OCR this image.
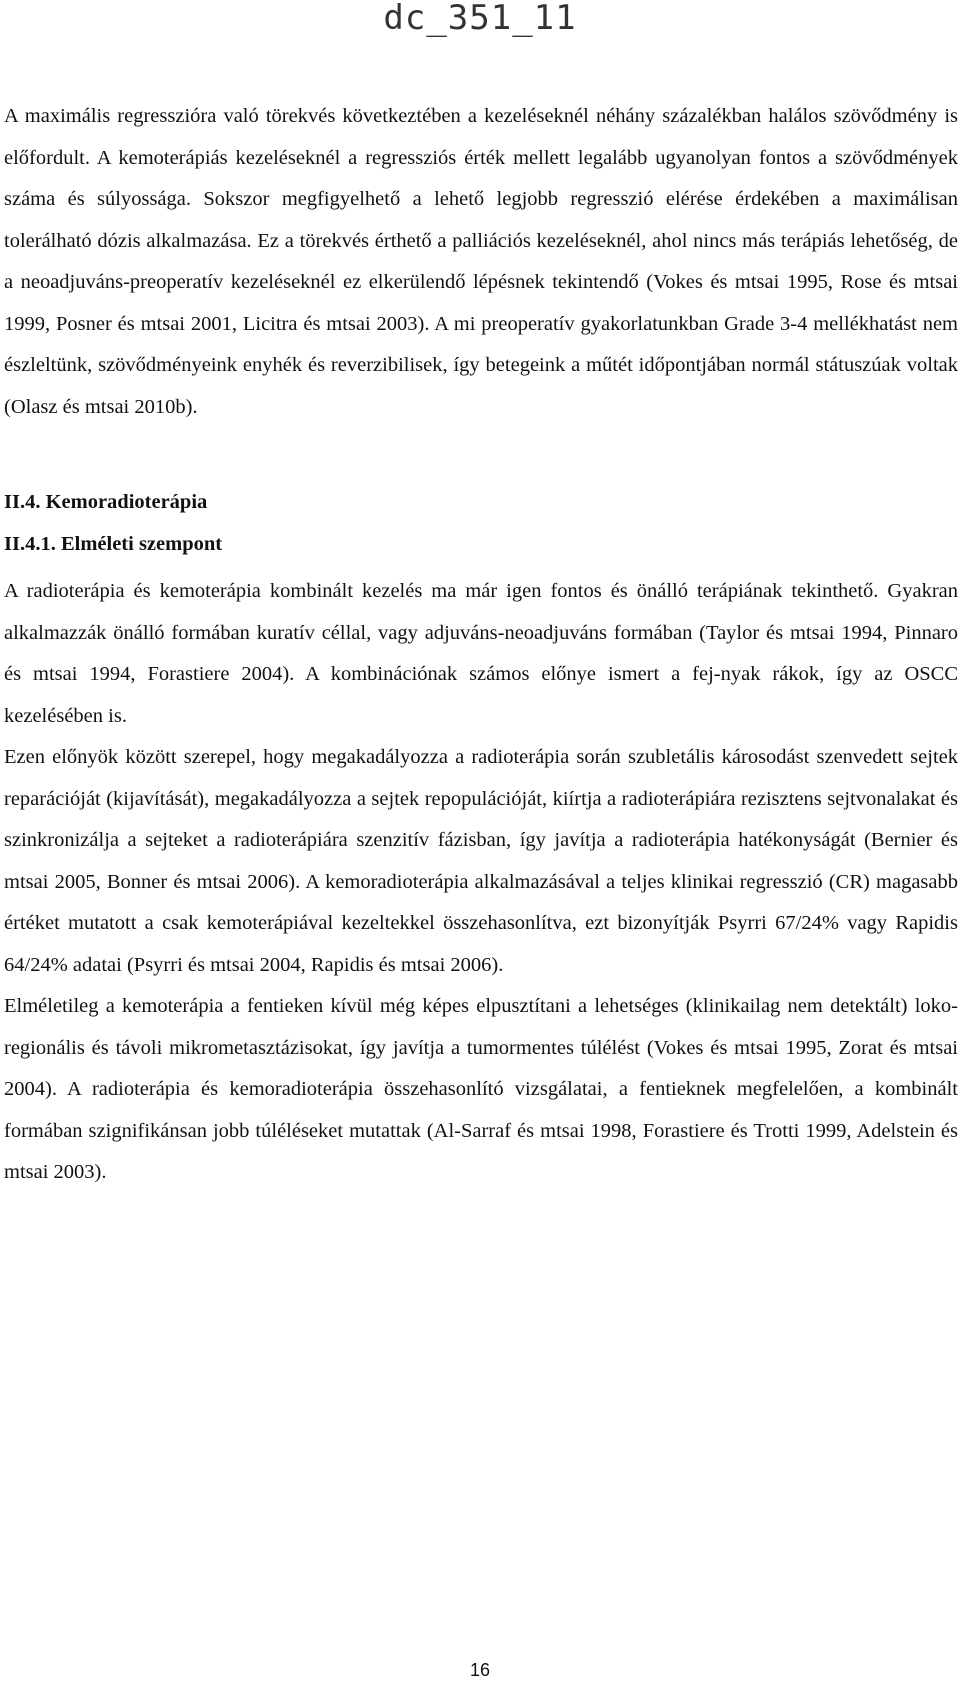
dc_351_11

A maximális regresszióra való törekvés következtében a kezeléseknél néhány százalékban halálos szövődmény is előfordult. A kemoterápiás kezeléseknél a regressziós érték mellett legalább ugyanolyan fontos a szövődmények száma és súlyossága. Sokszor megfigyelhető a lehető legjobb regresszió elérése érdekében a maximálisan tolerálható dózis alkalmazása. Ez a törekvés érthető a palliációs kezeléseknél, ahol nincs más terápiás lehetőség, de a neoadjuváns-preoperatív kezeléseknél ez elkerülendő lépésnek tekintendő (Vokes és mtsai 1995, Rose és mtsai 1999, Posner és mtsai 2001, Licitra és mtsai 2003). A mi preoperatív gyakorlatunkban Grade 3-4 mellékhatást nem észleltünk, szövődményeink enyhék és reverzibilisek, így betegeink a műtét időpontjában normál státuszúak voltak (Olasz és mtsai 2010b).

II.4. Kemoradioterápia

II.4.1. Elméleti szempont

A radioterápia és kemoterápia kombinált kezelés ma már igen fontos és önálló terápiának tekinthető. Gyakran alkalmazzák önálló formában kuratív céllal, vagy adjuváns-neoadjuváns formában (Taylor és mtsai 1994, Pinnaro és mtsai 1994, Forastiere 2004). A kombinációnak számos előnye ismert a fej-nyak rákok, így az OSCC kezelésében is.

Ezen előnyök között szerepel, hogy megakadályozza a radioterápia során szubletális károsodást szenvedett sejtek reparációját (kijavítását), megakadályozza a sejtek repopulációját, kiírtja a radioterápiára rezisztens sejtvonalakat és szinkronizálja a sejteket a radioterápiára szenzitív fázisban, így javítja a radioterápia hatékonyságát (Bernier és mtsai 2005, Bonner és mtsai 2006). A kemoradioterápia alkalmazásával a teljes klinikai regresszió (CR) magasabb értéket mutatott a csak kemoterápiával kezeltekkel összehasonlítva, ezt bizonyítják Psyrri 67/24% vagy Rapidis 64/24% adatai (Psyrri és mtsai 2004, Rapidis és mtsai 2006).

Elméletileg a kemoterápia a fentieken kívül még képes elpusztítani a lehetséges (klinikailag nem detektált) loko-regionális és távoli mikrometasztázisokat, így javítja a tumormentes túlélést (Vokes és mtsai 1995, Zorat és mtsai 2004). A radioterápia és kemoradioterápia összehasonlító vizsgálatai, a fentieknek megfelelően, a kombinált formában szignifikánsan jobb túléléseket mutattak (Al-Sarraf és mtsai 1998, Forastiere és Trotti 1999, Adelstein és mtsai 2003).

16
